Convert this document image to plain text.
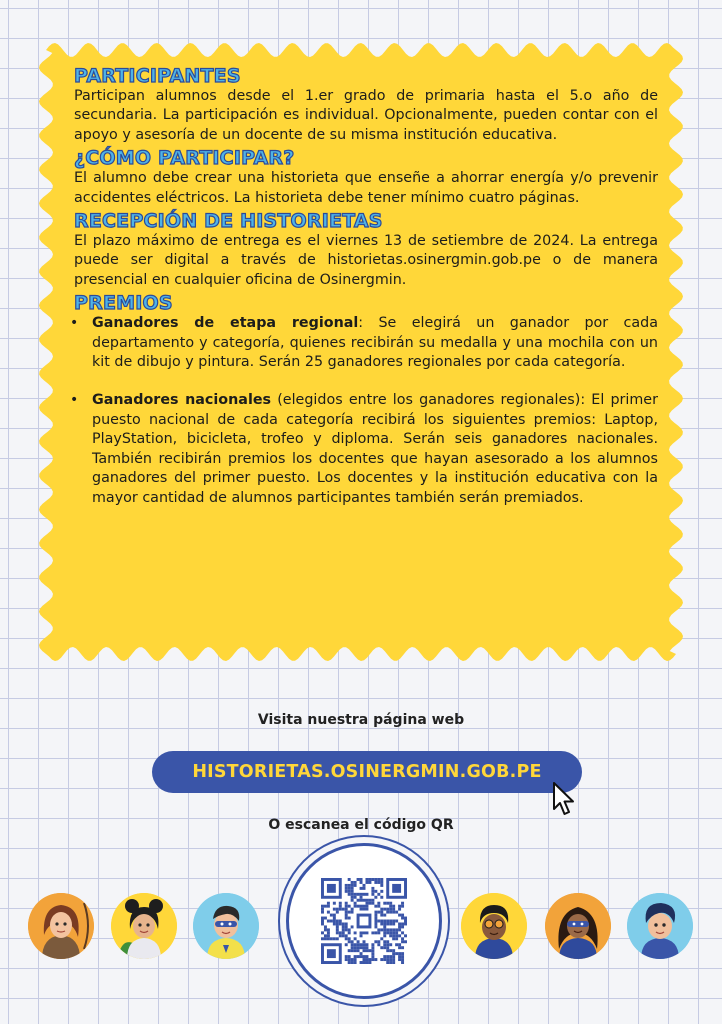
PARTICIPANTES

Participan alumnos desde el 1.er grado de primaria hasta el 5.o año de secundaria. La participación es individual. Opcionalmente, pueden contar con el apoyo y asesoría de un docente de su misma institución educativa.

¿CÓMO PARTICIPAR?

El alumno debe crear una historieta que enseñe a ahorrar energía y/o prevenir accidentes eléctricos. La historieta debe tener mínimo cuatro páginas.

RECEPCIÓN DE HISTORIETAS

El plazo máximo de entrega es el viernes 13 de setiembre de 2024. La entrega puede ser digital a través de historietas.osinergmin.gob.pe o de manera presencial en cualquier oficina de Osinergmin.

PREMIOS
• Ganadores de etapa regional: Se elegirá un ganador por cada departamento y categoría, quienes recibirán su medalla y una mochila con un kit de dibujo y pintura. Serán 25 ganadores regionales por cada categoría.
• Ganadores nacionales (elegidos entre los ganadores regionales): El primer puesto nacional de cada categoría recibirá los siguientes premios: Laptop, PlayStation, bicicleta, trofeo y diploma. Serán seis ganadores nacionales. También recibirán premios los docentes que hayan asesorado a los alumnos ganadores del primer puesto. Los docentes y la institución educativa con la mayor cantidad de alumnos participantes también serán premiados.
Visita nuestra página web
HISTORIETAS.OSINERGMIN.GOB.PE
O escanea el código QR
